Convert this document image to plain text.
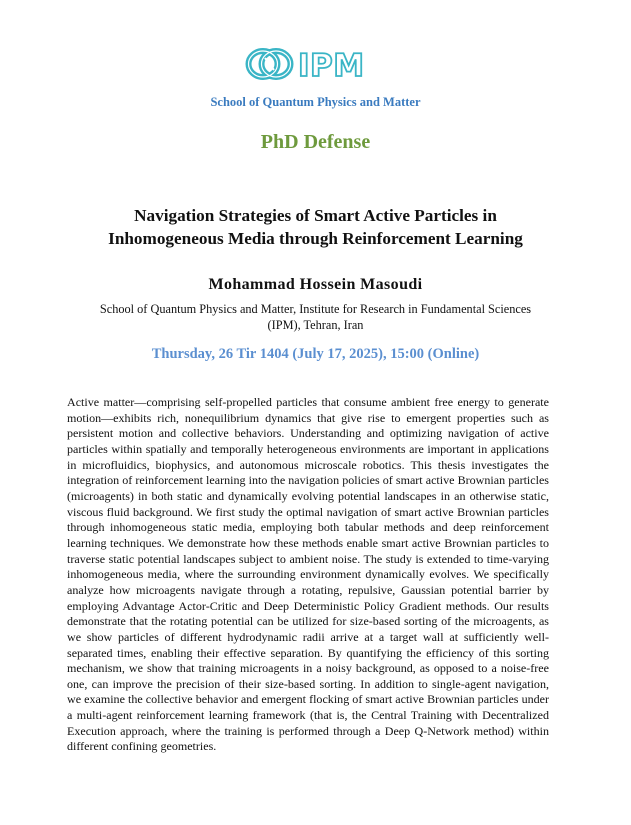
IPM
School of Quantum Physics and Matter
PhD Defense
Navigation Strategies of Smart Active Particles in
Inhomogeneous Media through Reinforcement Learning
Mohammad Hossein Masoudi
School of Quantum Physics and Matter, Institute for Research in Fundamental Sciences
(IPM), Tehran, Iran
Thursday, 26 Tir 1404 (July 17, 2025), 15:00 (Online)

Active matter—comprising self-propelled particles that consume ambient free energy to generate motion—exhibits rich, nonequilibrium dynamics that give rise to emergent properties such as persistent motion and collective behaviors. Understanding and optimizing navigation of active particles within spatially and temporally heterogeneous environments are important in applications in microfluidics, biophysics, and autonomous microscale robotics. This thesis investigates the integration of reinforcement learning into the navigation policies of smart active Brownian particles (microagents) in both static and dynamically evolving potential landscapes in an otherwise static, viscous fluid background. We first study the optimal navigation of smart active Brownian particles through inhomogeneous static media, employing both tabular methods and deep reinforcement learning techniques. We demonstrate how these methods enable smart active Brownian particles to traverse static potential landscapes subject to ambient noise. The study is extended to time-varying inhomogeneous media, where the surrounding environment dynamically evolves. We specifically analyze how microagents navigate through a rotating, repulsive, Gaussian potential barrier by employing Advantage Actor-Critic and Deep Deterministic Policy Gradient methods. Our results demonstrate that the rotating potential can be utilized for size-based sorting of the microagents, as we show particles of different hydrodynamic radii arrive at a target wall at sufficiently well-separated times, enabling their effective separation. By quantifying the efficiency of this sorting mechanism, we show that training microagents in a noisy background, as opposed to a noise-free one, can improve the precision of their size-based sorting. In addition to single-agent navigation, we examine the collective behavior and emergent flocking of smart active Brownian particles under a multi-agent reinforcement learning framework (that is, the Central Training with Decentralized Execution approach, where the training is performed through a Deep Q-Network method) within different confining geometries.
